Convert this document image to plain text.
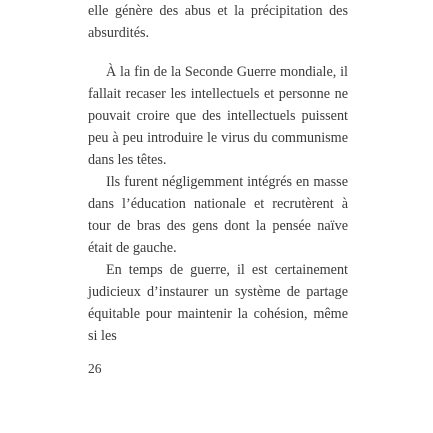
elle génère des abus et la précipitation des absurdités.

À la fin de la Seconde Guerre mondiale, il fallait recaser les intellectuels et personne ne pouvait croire que des intellectuels puissent peu à peu introduire le virus du communisme dans les têtes.

Ils furent négligemment intégrés en masse dans l’éducation nationale et recrutèrent à tour de bras des gens dont la pensée naïve était de gauche.

En temps de guerre, il est certainement judicieux d’instaurer un système de partage équitable pour maintenir la cohésion, même si les

26
